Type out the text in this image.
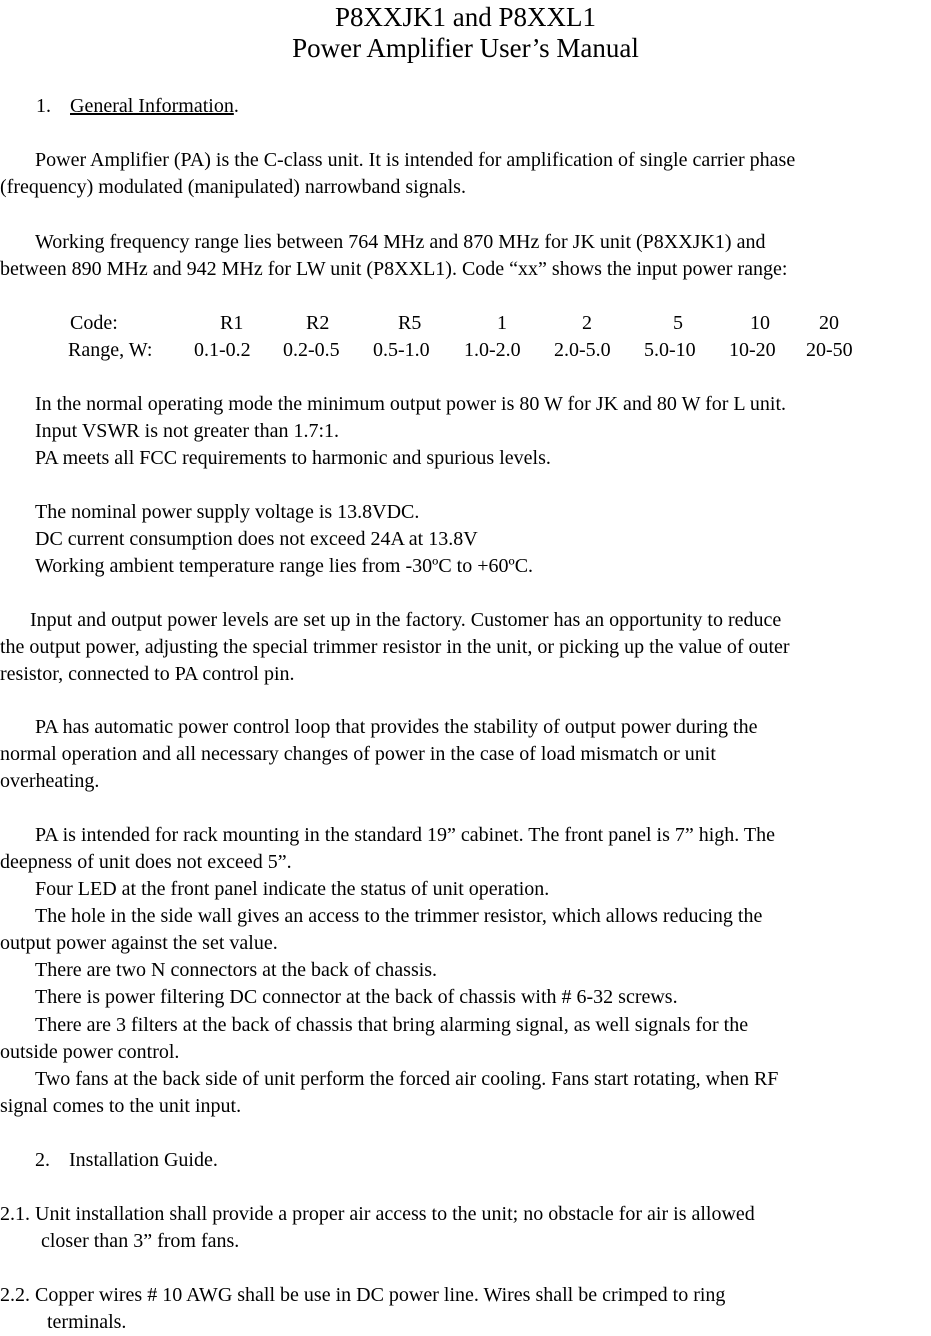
P8XXJK1 and P8XXL1
Power Amplifier User’s Manual
1. General Information.
Power Amplifier (PA) is the C-class unit. It is intended for amplification of single carrier phase
(frequency) modulated (manipulated) narrowband signals.
Working frequency range lies between 764 MHz and 870 MHz for JK unit (P8XXJK1) and
between 890 MHz and 942 MHz for LW unit (P8XXL1). Code “xx” shows the input power range:
Code:	R1	R2	R5	1	2	5	10 20
Range, W: 0.1-0.2 0.2-0.5 0.5-1.0 1.0-2.0 2.0-5.0 5.0-10 10-20 20-50
In the normal operating mode the minimum output power is 80 W for JK and 80 W for L unit.
Input VSWR is not greater than 1.7:1.
PA meets all FCC requirements to harmonic and spurious levels.
The nominal power supply voltage is 13.8VDC.
DC current consumption does not exceed 24A at 13.8V
Working ambient temperature range lies from -30ºC to +60ºC.
Input and output power levels are set up in the factory. Customer has an opportunity to reduce
the output power, adjusting the special trimmer resistor in the unit, or picking up the value of outer
resistor, connected to PA control pin.
PA has automatic power control loop that provides the stability of output power during the
normal operation and all necessary changes of power in the case of load mismatch or unit
overheating.
PA is intended for rack mounting in the standard 19” cabinet. The front panel is 7” high. The
deepness of unit does not exceed 5”.
Four LED at the front panel indicate the status of unit operation.
The hole in the side wall gives an access to the trimmer resistor, which allows reducing the
output power against the set value.
There are two N connectors at the back of chassis.
There is power filtering DC connector at the back of chassis with # 6-32 screws.
There are 3 filters at the back of chassis that bring alarming signal, as well signals for the
outside power control.
Two fans at the back side of unit perform the forced air cooling. Fans start rotating, when RF
signal comes to the unit input.
2. Installation Guide.
2.1. Unit installation shall provide a proper air access to the unit; no obstacle for air is allowed
closer than 3” from fans.
2.2. Copper wires # 10 AWG shall be use in DC power line. Wires shall be crimped to ring
terminals.
